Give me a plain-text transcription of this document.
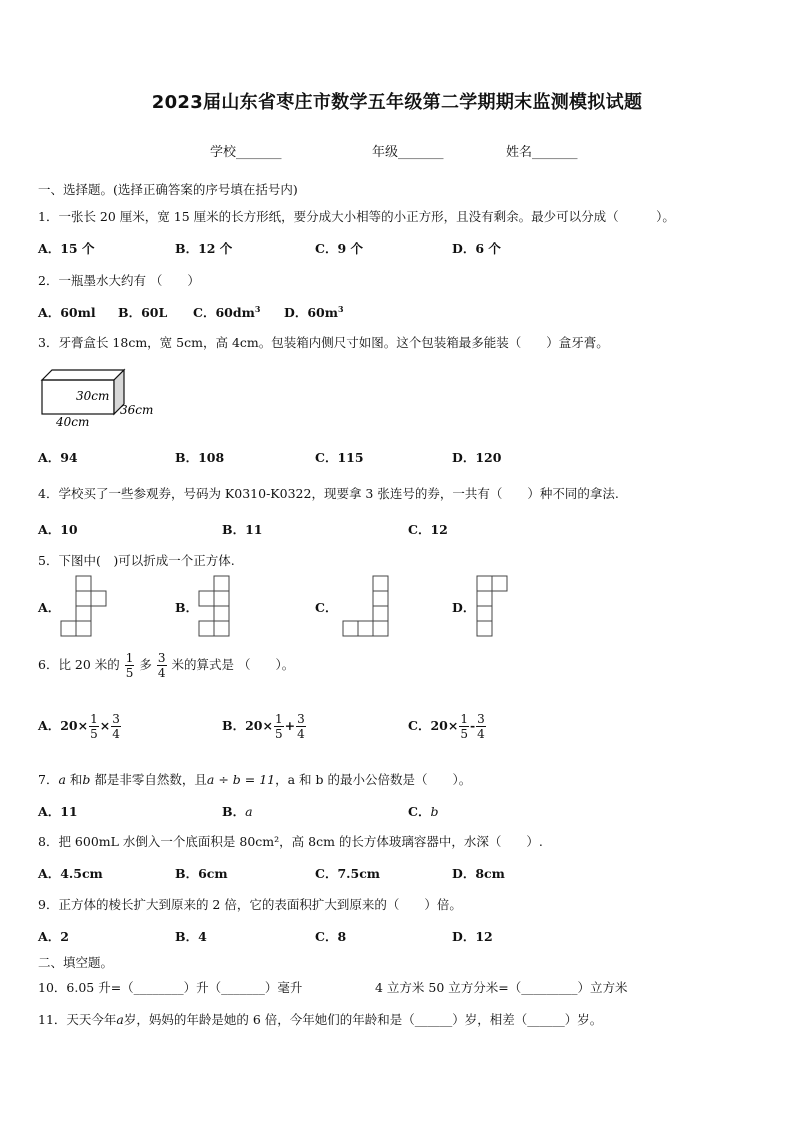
2023届山东省枣庄市数学五年级第二学期期末监测模拟试题
学校_______	年级_______	姓名_______
一、选择题。(选择正确答案的序号填在括号内)
1．一张长 20 厘米，宽 15 厘米的长方形纸，要分成大小相等的小正方形，且没有剩余。最少可以分成（　　　）。
A．15 个	B．12 个	C．9 个	D．6 个
2．一瓶墨水大约有 （　　）
A．60ml B．60L C．$60dm^3$ D．$60m^3$
3．牙膏盒长 18cm，宽 5cm，高 4cm。包装箱内侧尺寸如图。这个包装箱最多能装（　　）盒牙膏。
30cm
36cm
40cm
A．94	B．108	C．115	D．120
4．学校买了一些参观券，号码为 K0310-K0322，现要拿 3 张连号的券，一共有（　　）种不同的拿法.
A．10	B．11	C．12
5．下图中(　)可以折成一个正方体.
A．	B．	C．	D．
6．比 20 米的 $\frac{1}{5}$ 多 $\frac{3}{4}$ 米的算式是 （　　）。
A．$20\times \frac{1}{5} \times \frac{3}{4}$	B．$20\times \frac{1}{5} + \frac{3}{4}$	C．$20\times \frac{1}{5} - \frac{3}{4}$
7．a 和b 都是非零自然数，且a ÷ b = 11，a 和 b 的最小公倍数是（　　）。
A．11	B．a	C．b
8．把 600mL 水倒入一个底面积是 80cm²，高 8cm 的长方体玻璃容器中，水深（　　）.
A．4.5cm	B．6cm	C．7.5cm	D．8cm
9．正方体的棱长扩大到原来的 2 倍，它的表面积扩大到原来的（　　）倍。
A．2	B．4	C．8	D．12
二、填空题。
10．6.05 升=（________）升（_______）毫升	4 立方米 50 立方分米=（_________）立方米
11．天天今年a岁，妈妈的年龄是她的 6 倍，今年她们的年龄和是（______）岁，相差（______）岁。
